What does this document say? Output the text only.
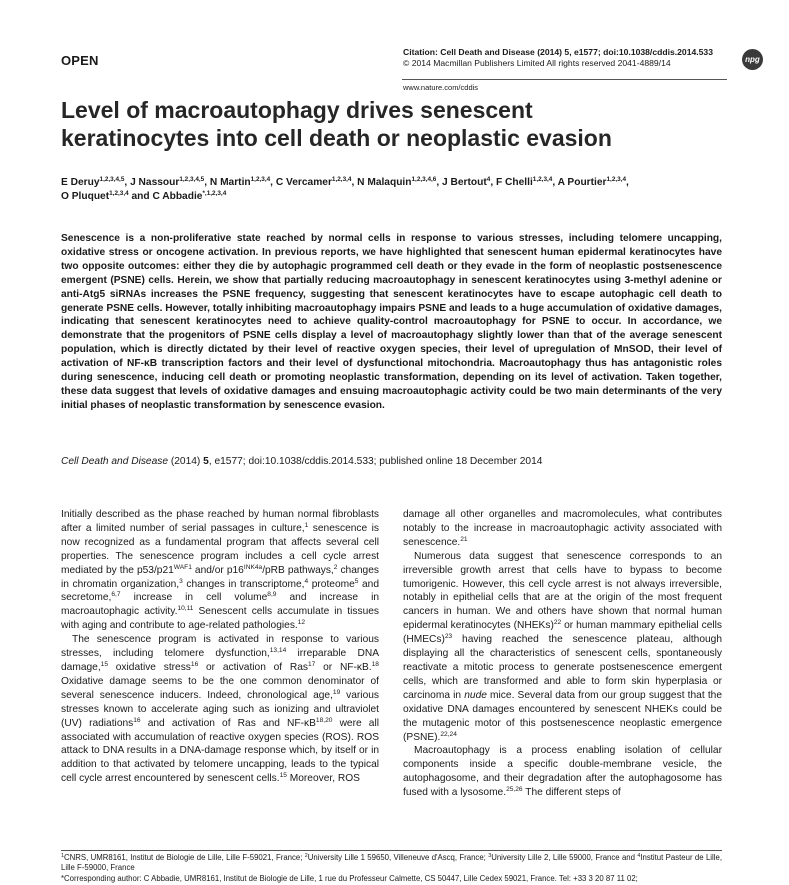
OPEN
Citation: Cell Death and Disease (2014) 5, e1577; doi:10.1038/cddis.2014.533
© 2014 Macmillan Publishers Limited All rights reserved 2041-4889/14
www.nature.com/cddis
npg
Level of macroautophagy drives senescent
keratinocytes into cell death or neoplastic evasion
E Deruy$^{1,2,3,4,5}$, J Nassour$^{1,2,3,4,5}$, N Martin$^{1,2,3,4}$, C Vercamer$^{1,2,3,4}$, N Malaquin$^{1,2,3,4,6}$, J Bertout$^4$, F Chelli$^{1,2,3,4}$, A Pourtier$^{1,2,3,4}$,
O Pluquet$^{1,2,3,4}$ and C Abbadie$^{*,1,2,3,4}$
Senescence is a non-proliferative state reached by normal cells in response to various stresses, including telomere uncapping, oxidative stress or oncogene activation. In previous reports, we have highlighted that senescent human epidermal keratinocytes have two opposite outcomes: either they die by autophagic programmed cell death or they evade in the form of neoplastic postsenescence emergent (PSNE) cells. Herein, we show that partially reducing macroautophagy in senescent keratinocytes using 3-methyl adenine or anti-Atg5 siRNAs increases the PSNE frequency, suggesting that senescent keratinocytes have to escape autophagic cell death to generate PSNE cells. However, totally inhibiting macroautophagy impairs PSNE and leads to a huge accumulation of oxidative damages, indicating that senescent keratinocytes need to achieve quality-control macroautophagy for PSNE to occur. In accordance, we demonstrate that the progenitors of PSNE cells display a level of macroautophagy slightly lower than that of the average senescent population, which is directly dictated by their level of reactive oxygen species, their level of upregulation of MnSOD, their level of activation of NF-κB transcription factors and their level of dysfunctional mitochondria. Macroautophagy thus has antagonistic roles during senescence, inducing cell death or promoting neoplastic transformation, depending on its level of activation. Taken together, these data suggest that levels of oxidative damages and ensuing macroautophagic activity could be two main determinants of the very initial phases of neoplastic transformation by senescence evasion.
Cell Death and Disease (2014) 5, e1577; doi:10.1038/cddis.2014.533; published online 18 December 2014

Initially described as the phase reached by human normal fibroblasts after a limited number of serial passages in culture,$^1$ senescence is now recognized as a fundamental program that affects several cell properties. The senescence program includes a cell cycle arrest mediated by the $p53/p21^{WAF1}$ and/or $p16^{INK4a}$/pRB pathways,$^2$ changes in chromatin organization,$^3$ changes in transcriptome,$^4$ proteome$^5$ and secretome,$^{6,7}$ increase in cell volume$^{8,9}$ and increase in macroautophagic activity.$^{10,11}$ Senescent cells accumulate in tissues with aging and contribute to age-related pathologies.$^{12}$

The senescence program is activated in response to various stresses, including telomere dysfunction,$^{13,14}$ irreparable DNA damage,$^{15}$ oxidative stress$^{16}$ or activation of Ras$^{17}$ or NF-κB.$^{18}$ Oxidative damage seems to be the one common denominator of several senescence inducers. Indeed, chronological age,$^{19}$ various stresses known to accelerate aging such as ionizing and ultraviolet (UV) radiations$^{16}$ and activation of Ras and NF-κB$^{18,20}$ were all associated with accumulation of reactive oxygen species (ROS). ROS attack to DNA results in a DNA-damage response which, by itself or in addition to that activated by telomere uncapping, leads to the typical cell cycle arrest encountered by senescent cells.$^{15}$ Moreover, ROS

damage all other organelles and macromolecules, what contributes notably to the increase in macroautophagic activity associated with senescence.$^{21}$

Numerous data suggest that senescence corresponds to an irreversible growth arrest that cells have to bypass to become tumorigenic. However, this cell cycle arrest is not always irreversible, notably in epithelial cells that are at the origin of the most frequent cancers in human. We and others have shown that normal human epidermal keratinocytes (NHEKs)$^{22}$ or human mammary epithelial cells (HMECs)$^{23}$ having reached the senescence plateau, although displaying all the characteristics of senescent cells, spontaneously reactivate a mitotic process to generate postsenescence emergent cells, which are transformed and able to form skin hyperplasia or carcinoma in nude mice. Several data from our group suggest that the oxidative DNA damages encountered by senescent NHEKs could be the mutagenic motor of this postsenescence neoplastic emergence (PSNE).$^{22,24}$

Macroautophagy is a process enabling isolation of cellular components inside a specific double-membrane vesicle, the autophagosome, and their degradation after the autophagosome has fused with a lysosome.$^{25,26}$ The different steps of

$^1$CNRS, UMR8161, Institut de Biologie de Lille, Lille F-59021, France; $^2$University Lille 1 59650, Villeneuve d'Ascq, France; $^3$University Lille 2, Lille 59000, France and $^4$Institut Pasteur de Lille, Lille F-59000, France
*Corresponding author: C Abbadie, UMR8161, Institut de Biologie de Lille, 1 rue du Professeur Calmette, CS 50447, Lille Cedex 59021, France. Tel: +33 3 20 87 11 02;
